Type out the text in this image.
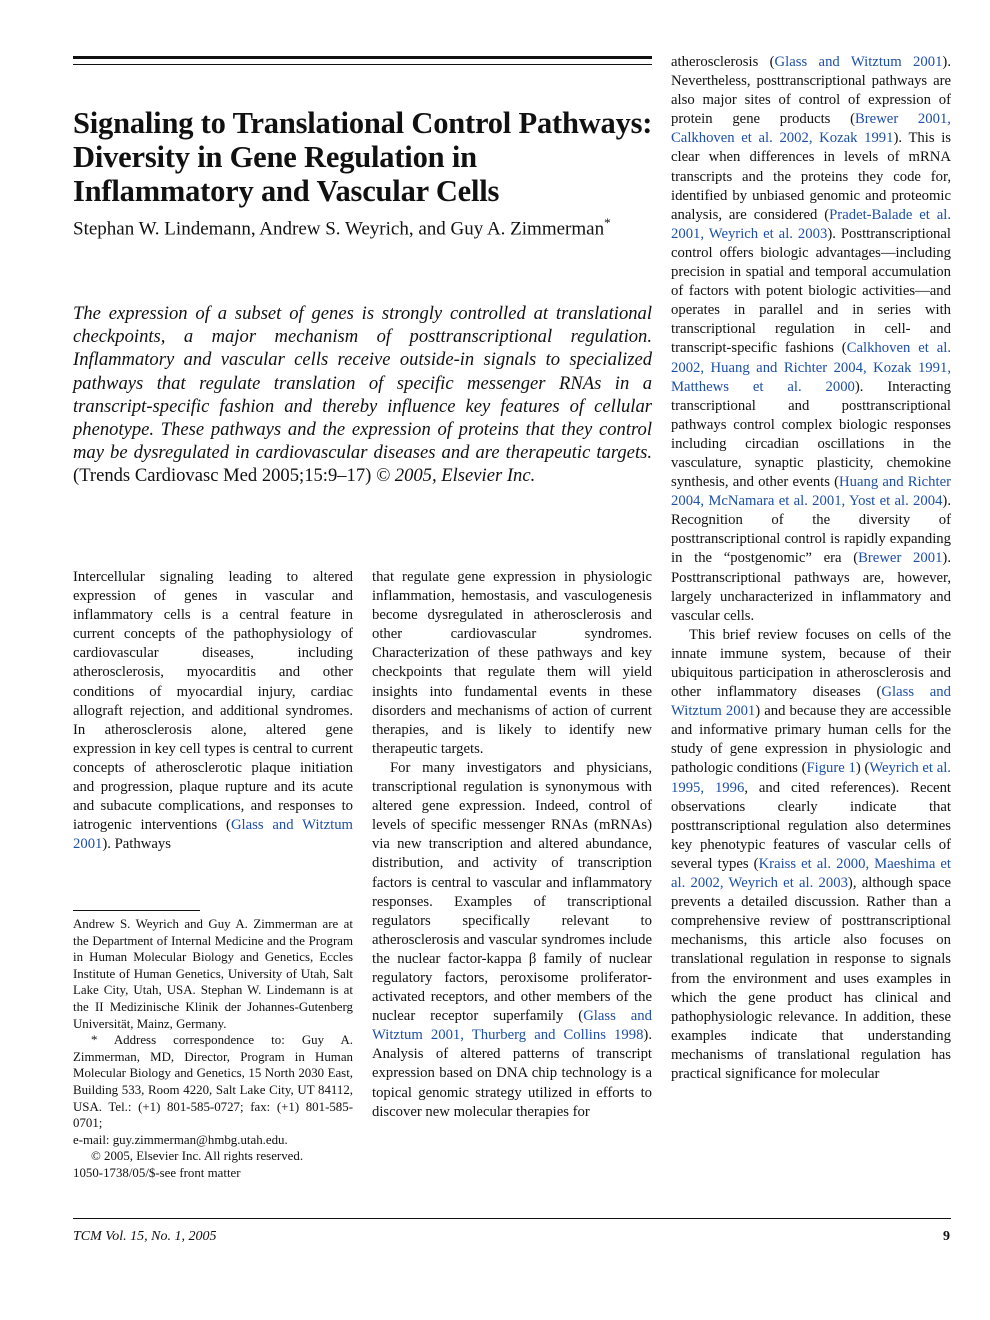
Signaling to Translational Control Pathways: Diversity in Gene Regulation in Inflammatory and Vascular Cells

Stephan W. Lindemann, Andrew S. Weyrich, and Guy A. Zimmerman*

The expression of a subset of genes is strongly controlled at translational checkpoints, a major mechanism of posttranscriptional regulation. Inflammatory and vascular cells receive outside-in signals to specialized pathways that regulate translation of specific messenger RNAs in a transcript-specific fashion and thereby influence key features of cellular phenotype. These pathways and the expression of proteins that they control may be dysregulated in cardiovascular diseases and are therapeutic targets. (Trends Cardiovasc Med 2005;15:9–17) © 2005, Elsevier Inc.

Intercellular signaling leading to altered expression of genes in vascular and inflammatory cells is a central feature in current concepts of the pathophysiology of cardiovascular diseases, including atherosclerosis, myocarditis and other conditions of myocardial injury, cardiac allograft rejection, and additional syndromes. In atherosclerosis alone, altered gene expression in key cell types is central to current concepts of atherosclerotic plaque initiation and progression, plaque rupture and its acute and subacute complications, and responses to iatrogenic interventions (Glass and Witztum 2001). Pathways

Andrew S. Weyrich and Guy A. Zimmerman are at the Department of Internal Medicine and the Program in Human Molecular Biology and Genetics, Eccles Institute of Human Genetics, University of Utah, Salt Lake City, Utah, USA. Stephan W. Lindemann is at the II Medizinische Klinik der Johannes-Gutenberg Universität, Mainz, Germany.

* Address correspondence to: Guy A. Zimmerman, MD, Director, Program in Human Molecular Biology and Genetics, 15 North 2030 East, Building 533, Room 4220, Salt Lake City, UT 84112, USA. Tel.: (+1) 801-585-0727; fax: (+1) 801-585-0701;

e-mail: guy.zimmerman@hmbg.utah.edu.

© 2005, Elsevier Inc. All rights reserved.

1050-1738/05/$-see front matter

that regulate gene expression in physiologic inflammation, hemostasis, and vasculogenesis become dysregulated in atherosclerosis and other cardiovascular syndromes. Characterization of these pathways and key checkpoints that regulate them will yield insights into fundamental events in these disorders and mechanisms of action of current therapies, and is likely to identify new therapeutic targets.

For many investigators and physicians, transcriptional regulation is synonymous with altered gene expression. Indeed, control of levels of specific messenger RNAs (mRNAs) via new transcription and altered abundance, distribution, and activity of transcription factors is central to vascular and inflammatory responses. Examples of transcriptional regulators specifically relevant to atherosclerosis and vascular syndromes include the nuclear factor-kappa β family of nuclear regulatory factors, peroxisome proliferator-activated receptors, and other members of the nuclear receptor superfamily (Glass and Witztum 2001, Thurberg and Collins 1998). Analysis of altered patterns of transcript expression based on DNA chip technology is a topical genomic strategy utilized in efforts to discover new molecular therapies for

atherosclerosis (Glass and Witztum 2001). Nevertheless, posttranscriptional pathways are also major sites of control of expression of protein gene products (Brewer 2001, Calkhoven et al. 2002, Kozak 1991). This is clear when differences in levels of mRNA transcripts and the proteins they code for, identified by unbiased genomic and proteomic analysis, are considered (Pradet-Balade et al. 2001, Weyrich et al. 2003). Posttranscriptional control offers biologic advantages—including precision in spatial and temporal accumulation of factors with potent biologic activities—and operates in parallel and in series with transcriptional regulation in cell- and transcript-specific fashions (Calkhoven et al. 2002, Huang and Richter 2004, Kozak 1991, Matthews et al. 2000). Interacting transcriptional and posttranscriptional pathways control complex biologic responses including circadian oscillations in the vasculature, synaptic plasticity, chemokine synthesis, and other events (Huang and Richter 2004, McNamara et al. 2001, Yost et al. 2004). Recognition of the diversity of posttranscriptional control is rapidly expanding in the “postgenomic” era (Brewer 2001). Posttranscriptional pathways are, however, largely uncharacterized in inflammatory and vascular cells.

This brief review focuses on cells of the innate immune system, because of their ubiquitous participation in atherosclerosis and other inflammatory diseases (Glass and Witztum 2001) and because they are accessible and informative primary human cells for the study of gene expression in physiologic and pathologic conditions (Figure 1) (Weyrich et al. 1995, 1996, and cited references). Recent observations clearly indicate that posttranscriptional regulation also determines key phenotypic features of vascular cells of several types (Kraiss et al. 2000, Maeshima et al. 2002, Weyrich et al. 2003), although space prevents a detailed discussion. Rather than a comprehensive review of posttranscriptional mechanisms, this article also focuses on translational regulation in response to signals from the environment and uses examples in which the gene product has clinical and pathophysiologic relevance. In addition, these examples indicate that understanding mechanisms of translational regulation has practical significance for molecular

TCM Vol. 15, No. 1, 2005	9
